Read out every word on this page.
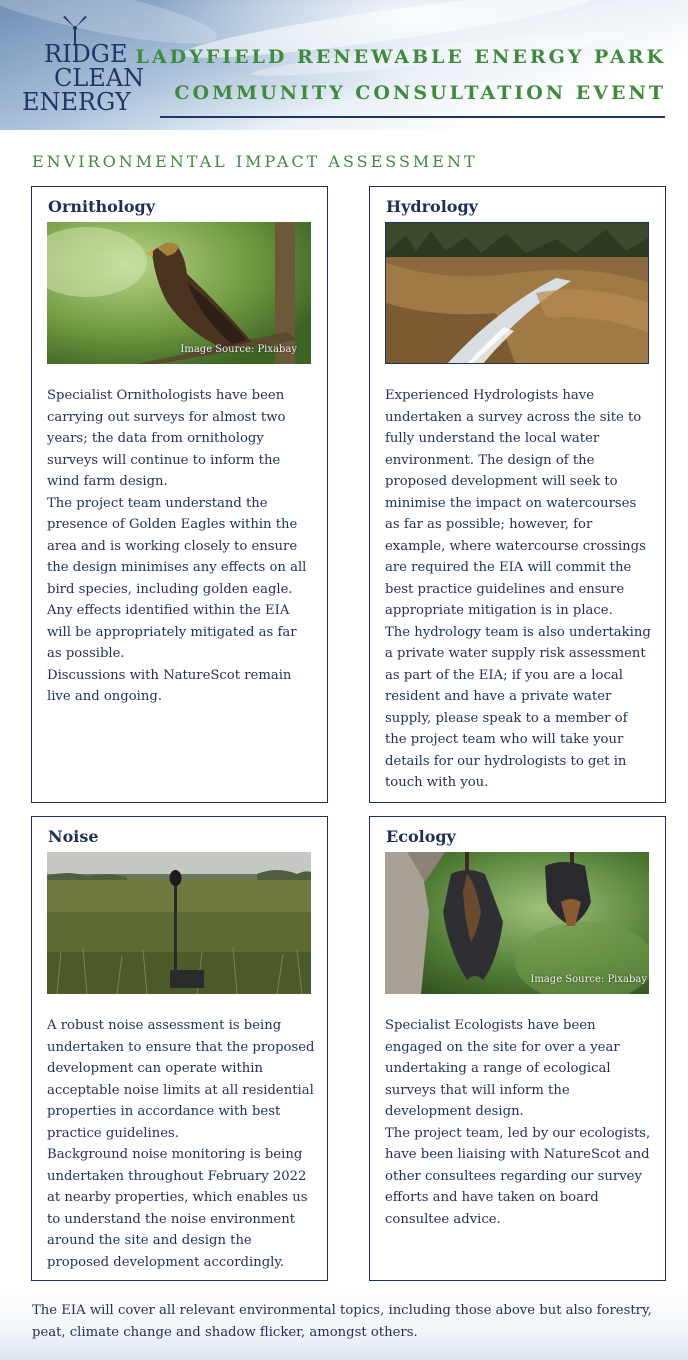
RIDGE
CLEAN
ENERGY
LADYFIELD RENEWABLE ENERGY PARK
COMMUNITY CONSULTATION EVENT
ENVIRONMENTAL IMPACT ASSESSMENT
Ornithology
Image Source: Pixabay

Specialist Ornithologists have been carrying out surveys for almost two years; the data from ornithology surveys will continue to inform the wind farm design.

The project team understand the presence of Golden Eagles within the area and is working closely to ensure the design minimises any effects on all bird species, including golden eagle. Any effects identified within the EIA will be appropriately mitigated as far as possible.

Discussions with NatureScot remain live and ongoing.

Hydrology

Experienced Hydrologists have undertaken a survey across the site to fully understand the local water environment. The design of the proposed development will seek to minimise the impact on watercourses as far as possible; however, for example, where watercourse crossings are required the EIA will commit the best practice guidelines and ensure appropriate mitigation is in place.

The hydrology team is also undertaking a private water supply risk assessment as part of the EIA; if you are a local resident and have a private water supply, please speak to a member of the project team who will take your details for our hydrologists to get in touch with you.

Noise

A robust noise assessment is being undertaken to ensure that the proposed development can operate within acceptable noise limits at all residential properties in accordance with best practice guidelines.

Background noise monitoring is being undertaken throughout February 2022 at nearby properties, which enables us to understand the noise environment around the site and design the proposed development accordingly.

Ecology
Image Source: Pixabay

Specialist Ecologists have been engaged on the site for over a year undertaking a range of ecological surveys that will inform the development design.

The project team, led by our ecologists, have been liaising with NatureScot and other consultees regarding our survey efforts and have taken on board consultee advice.

The EIA will cover all relevant environmental topics, including those above but also forestry, peat, climate change and shadow flicker, amongst others.
